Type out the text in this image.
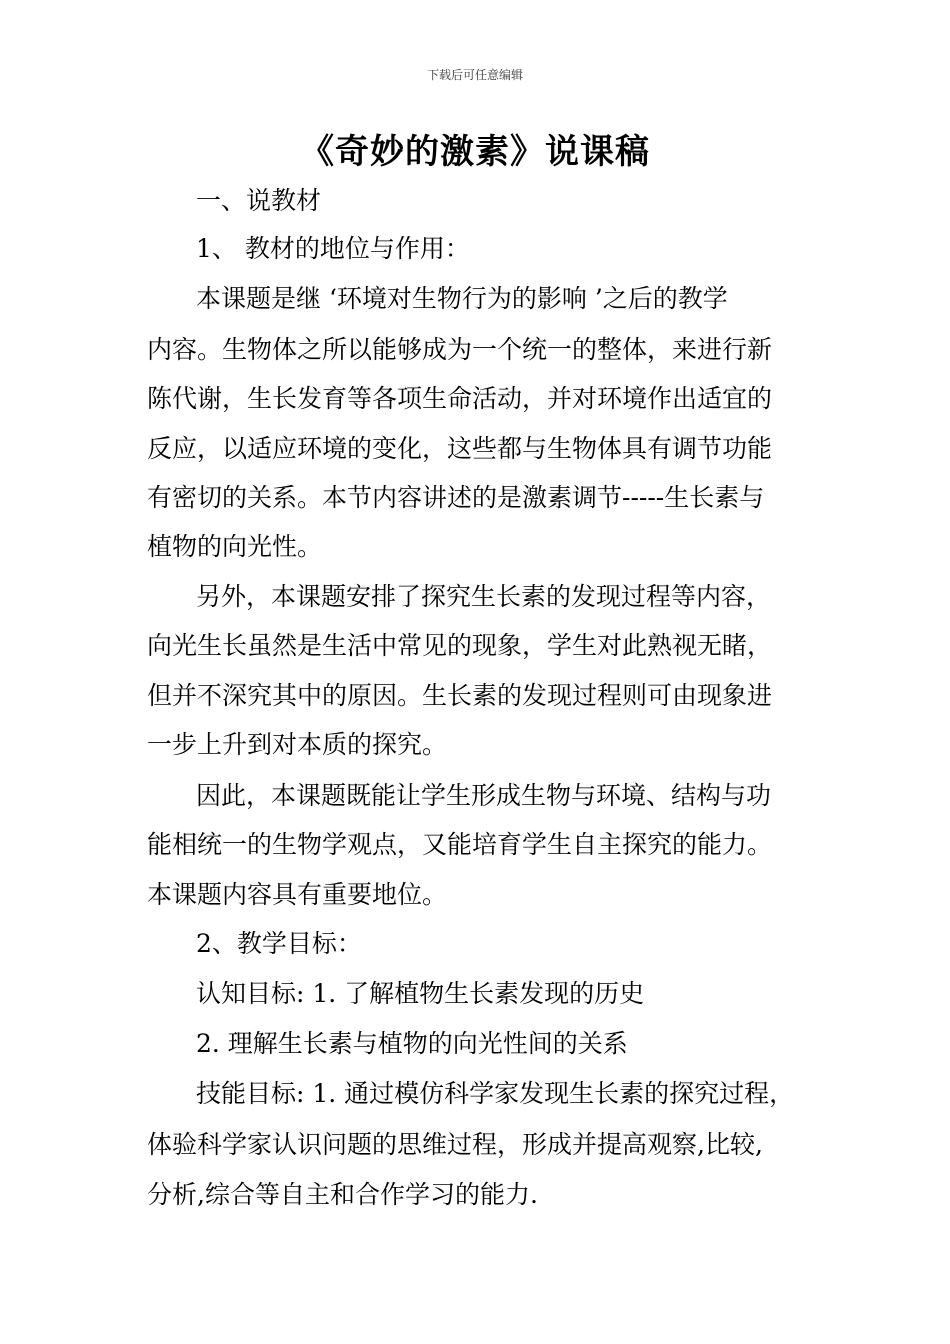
下载后可任意编辑
《奇妙的激素》说课稿
一、说教材
1、 教材的地位与作用：
本课题是继 ‘环境对生物行为的影响 ’之后的教学
内容。生物体之所以能够成为一个统一的整体，来进行新
陈代谢，生长发育等各项生命活动，并对环境作出适宜的
反应，以适应环境的变化，这些都与生物体具有调节功能
有密切的关系。本节内容讲述的是激素调节-----生长素与
植物的向光性。
另外，本课题安排了探究生长素的发现过程等内容，
向光生长虽然是生活中常见的现象，学生对此熟视无睹，
但并不深究其中的原因。生长素的发现过程则可由现象进
一步上升到对本质的探究。
因此，本课题既能让学生形成生物与环境、结构与功
能相统一的生物学观点，又能培育学生自主探究的能力。
本课题内容具有重要地位。
2、教学目标：
认知目标: 1. 了解植物生长素发现的历史
2. 理解生长素与植物的向光性间的关系
技能目标: 1. 通过模仿科学家发现生长素的探究过程，
体验科学家认识问题的思维过程，形成并提高观察,比较,
分析,综合等自主和合作学习的能力.
